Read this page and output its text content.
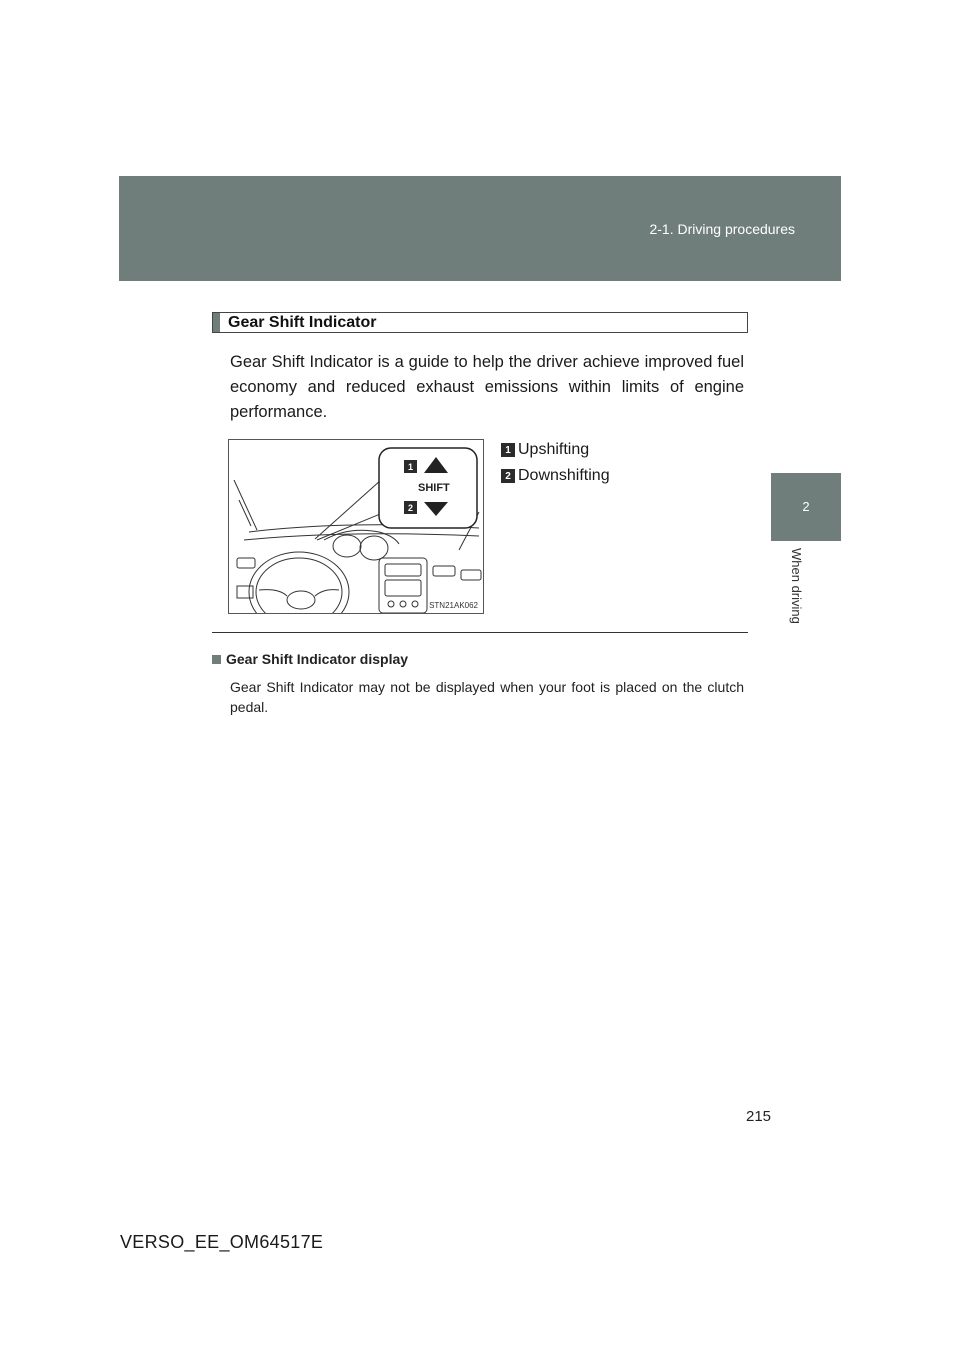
2-1. Driving procedures
2
When driving
Gear Shift Indicator
Gear Shift Indicator is a guide to help the driver achieve improved fuel economy and reduced exhaust emissions within limits of engine performance.
1
2
SHIFT
STN21AK062
1 Upshifting
2 Downshifting
Gear Shift Indicator display
Gear Shift Indicator may not be displayed when your foot is placed on the clutch pedal.
215
VERSO_EE_OM64517E
